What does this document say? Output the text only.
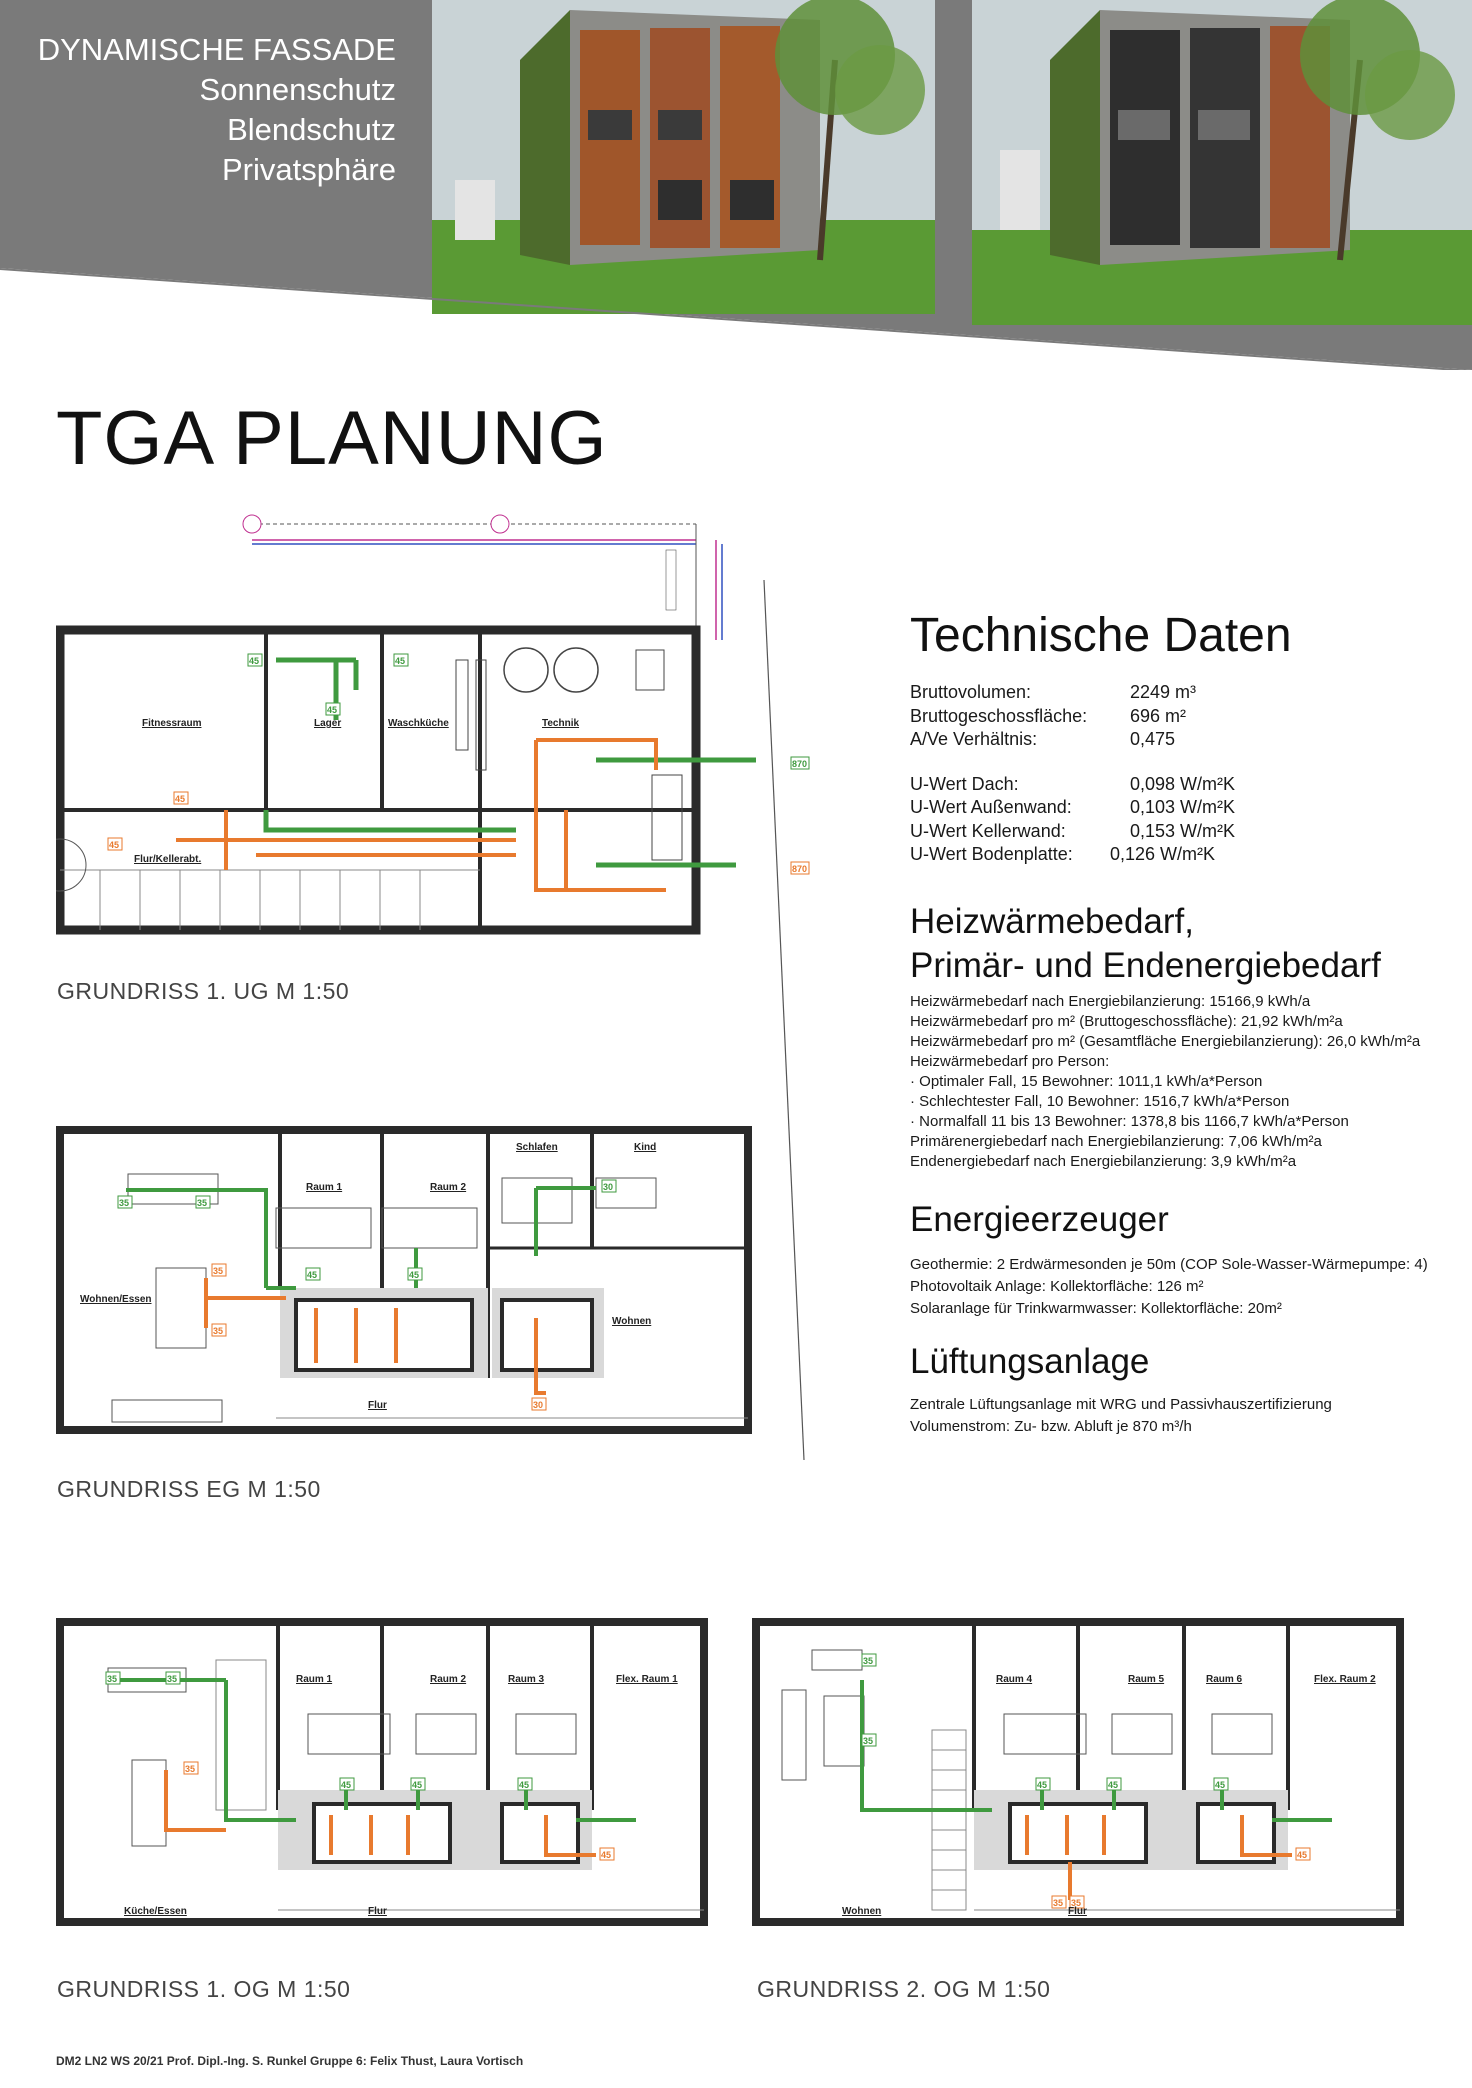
DYNAMISCHE FASSADE
Sonnenschutz
Blendschutz
Privatsphäre
TGA PLANUNG
45	45
45
870
45
45
870
Fitnessraum	Lager	Waschküche	Technik
Flur/Kellerabt.
GRUNDRISS 1. UG M 1:50
35	35
45	45
30
35
35
30
Raum 1	Raum 2
Schlafen	Kind
Wohnen/Essen
Wohnen
Flur
GRUNDRISS EG M 1:50
35	35
45	45	45
35
45
Raum 1	Raum 2	Raum 3	Flex. Raum 1
Küche/Essen	Flur
GRUNDRISS 1. OG M 1:50
35
35
45	45	45
45
35 35
Raum 4	Raum 5	Raum 6	Flex. Raum 2
Wohnen	Flur
GRUNDRISS 2. OG M 1:50
Technische Daten
Bruttovolumen:	2249 m³
Bruttogeschossfläche: 696 m²
A/Ve Verhältnis:	0,475
U-Wert Dach:	0,098 W/m²K
U-Wert Außenwand:	0,103 W/m²K
U-Wert Kellerwand:	0,153 W/m²K
U-Wert Bodenplatte: 0,126 W/m²K
Heizwärmebedarf,
Primär- und Endenergiebedarf
Heizwärmebedarf nach Energiebilanzierung: 15166,9 kWh/a
Heizwärmebedarf pro m² (Bruttogeschossfläche): 21,92 kWh/m²a
Heizwärmebedarf pro m² (Gesamtfläche Energiebilanzierung): 26,0 kWh/m²a
Heizwärmebedarf pro Person:
· Optimaler Fall, 15 Bewohner: 1011,1 kWh/a*Person
· Schlechtester Fall, 10 Bewohner: 1516,7 kWh/a*Person
· Normalfall 11 bis 13 Bewohner: 1378,8 bis 1166,7 kWh/a*Person
Primärenergiebedarf nach Energiebilanzierung: 7,06 kWh/m²a
Endenergiebedarf nach Energiebilanzierung: 3,9 kWh/m²a
Energieerzeuger
Geothermie: 2 Erdwärmesonden je 50m (COP Sole-Wasser-Wärmepumpe: 4)
Photovoltaik Anlage: Kollektorfläche: 126 m²
Solaranlage für Trinkwarmwasser: Kollektorfläche: 20m²
Lüftungsanlage
Zentrale Lüftungsanlage mit WRG und Passivhauszertifizierung
Volumenstrom: Zu- bzw. Abluft je 870 m³/h
DM2 LN2 WS 20/21 Prof. Dipl.-Ing. S. Runkel Gruppe 6: Felix Thust, Laura Vortisch
